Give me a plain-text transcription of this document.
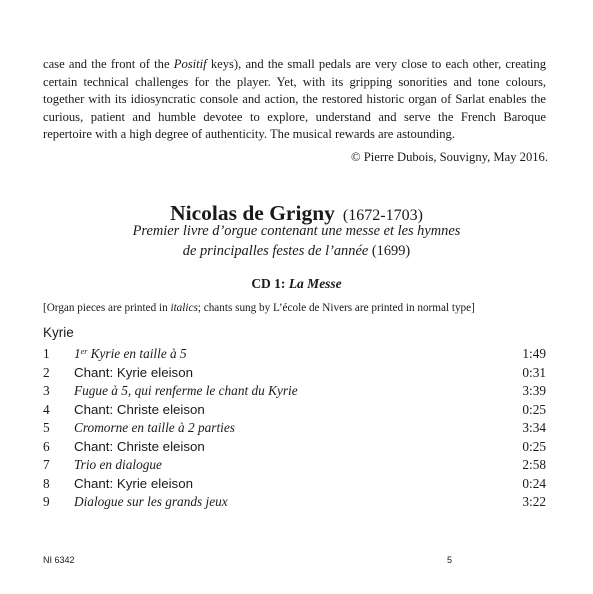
case and the front of the Positif keys), and the small pedals are very close to each other, creating certain technical challenges for the player. Yet, with its gripping sonorities and tone colours, together with its idiosyncratic console and action, the restored historic organ of Sarlat enables the curious, patient and humble devotee to explore, understand and serve the French Baroque repertoire with a high degree of authenticity. The musical rewards are astounding.

© Pierre Dubois, Souvigny, May 2016.

Nicolas de Grigny (1672-1703)
Premier livre d’orgue contenant une messe et les hymnes
de principalles festes de l’année (1699)
CD 1: La Messe

[Organ pieces are printed in italics; chants sung by L’école de Nivers are printed in normal type]

Kyrie

1 1er Kyrie en taille à 5	1:49
2 Chant: Kyrie eleison	0:31
3 Fugue à 5, qui renferme le chant du Kyrie	3:39
4 Chant: Christe eleison	0:25
5 Cromorne en taille à 2 parties	3:34
6 Chant: Christe eleison	0:25
7 Trio en dialogue	2:58
8 Chant: Kyrie eleison	0:24
9 Dialogue sur les grands jeux	3:22
NI 6342	5
